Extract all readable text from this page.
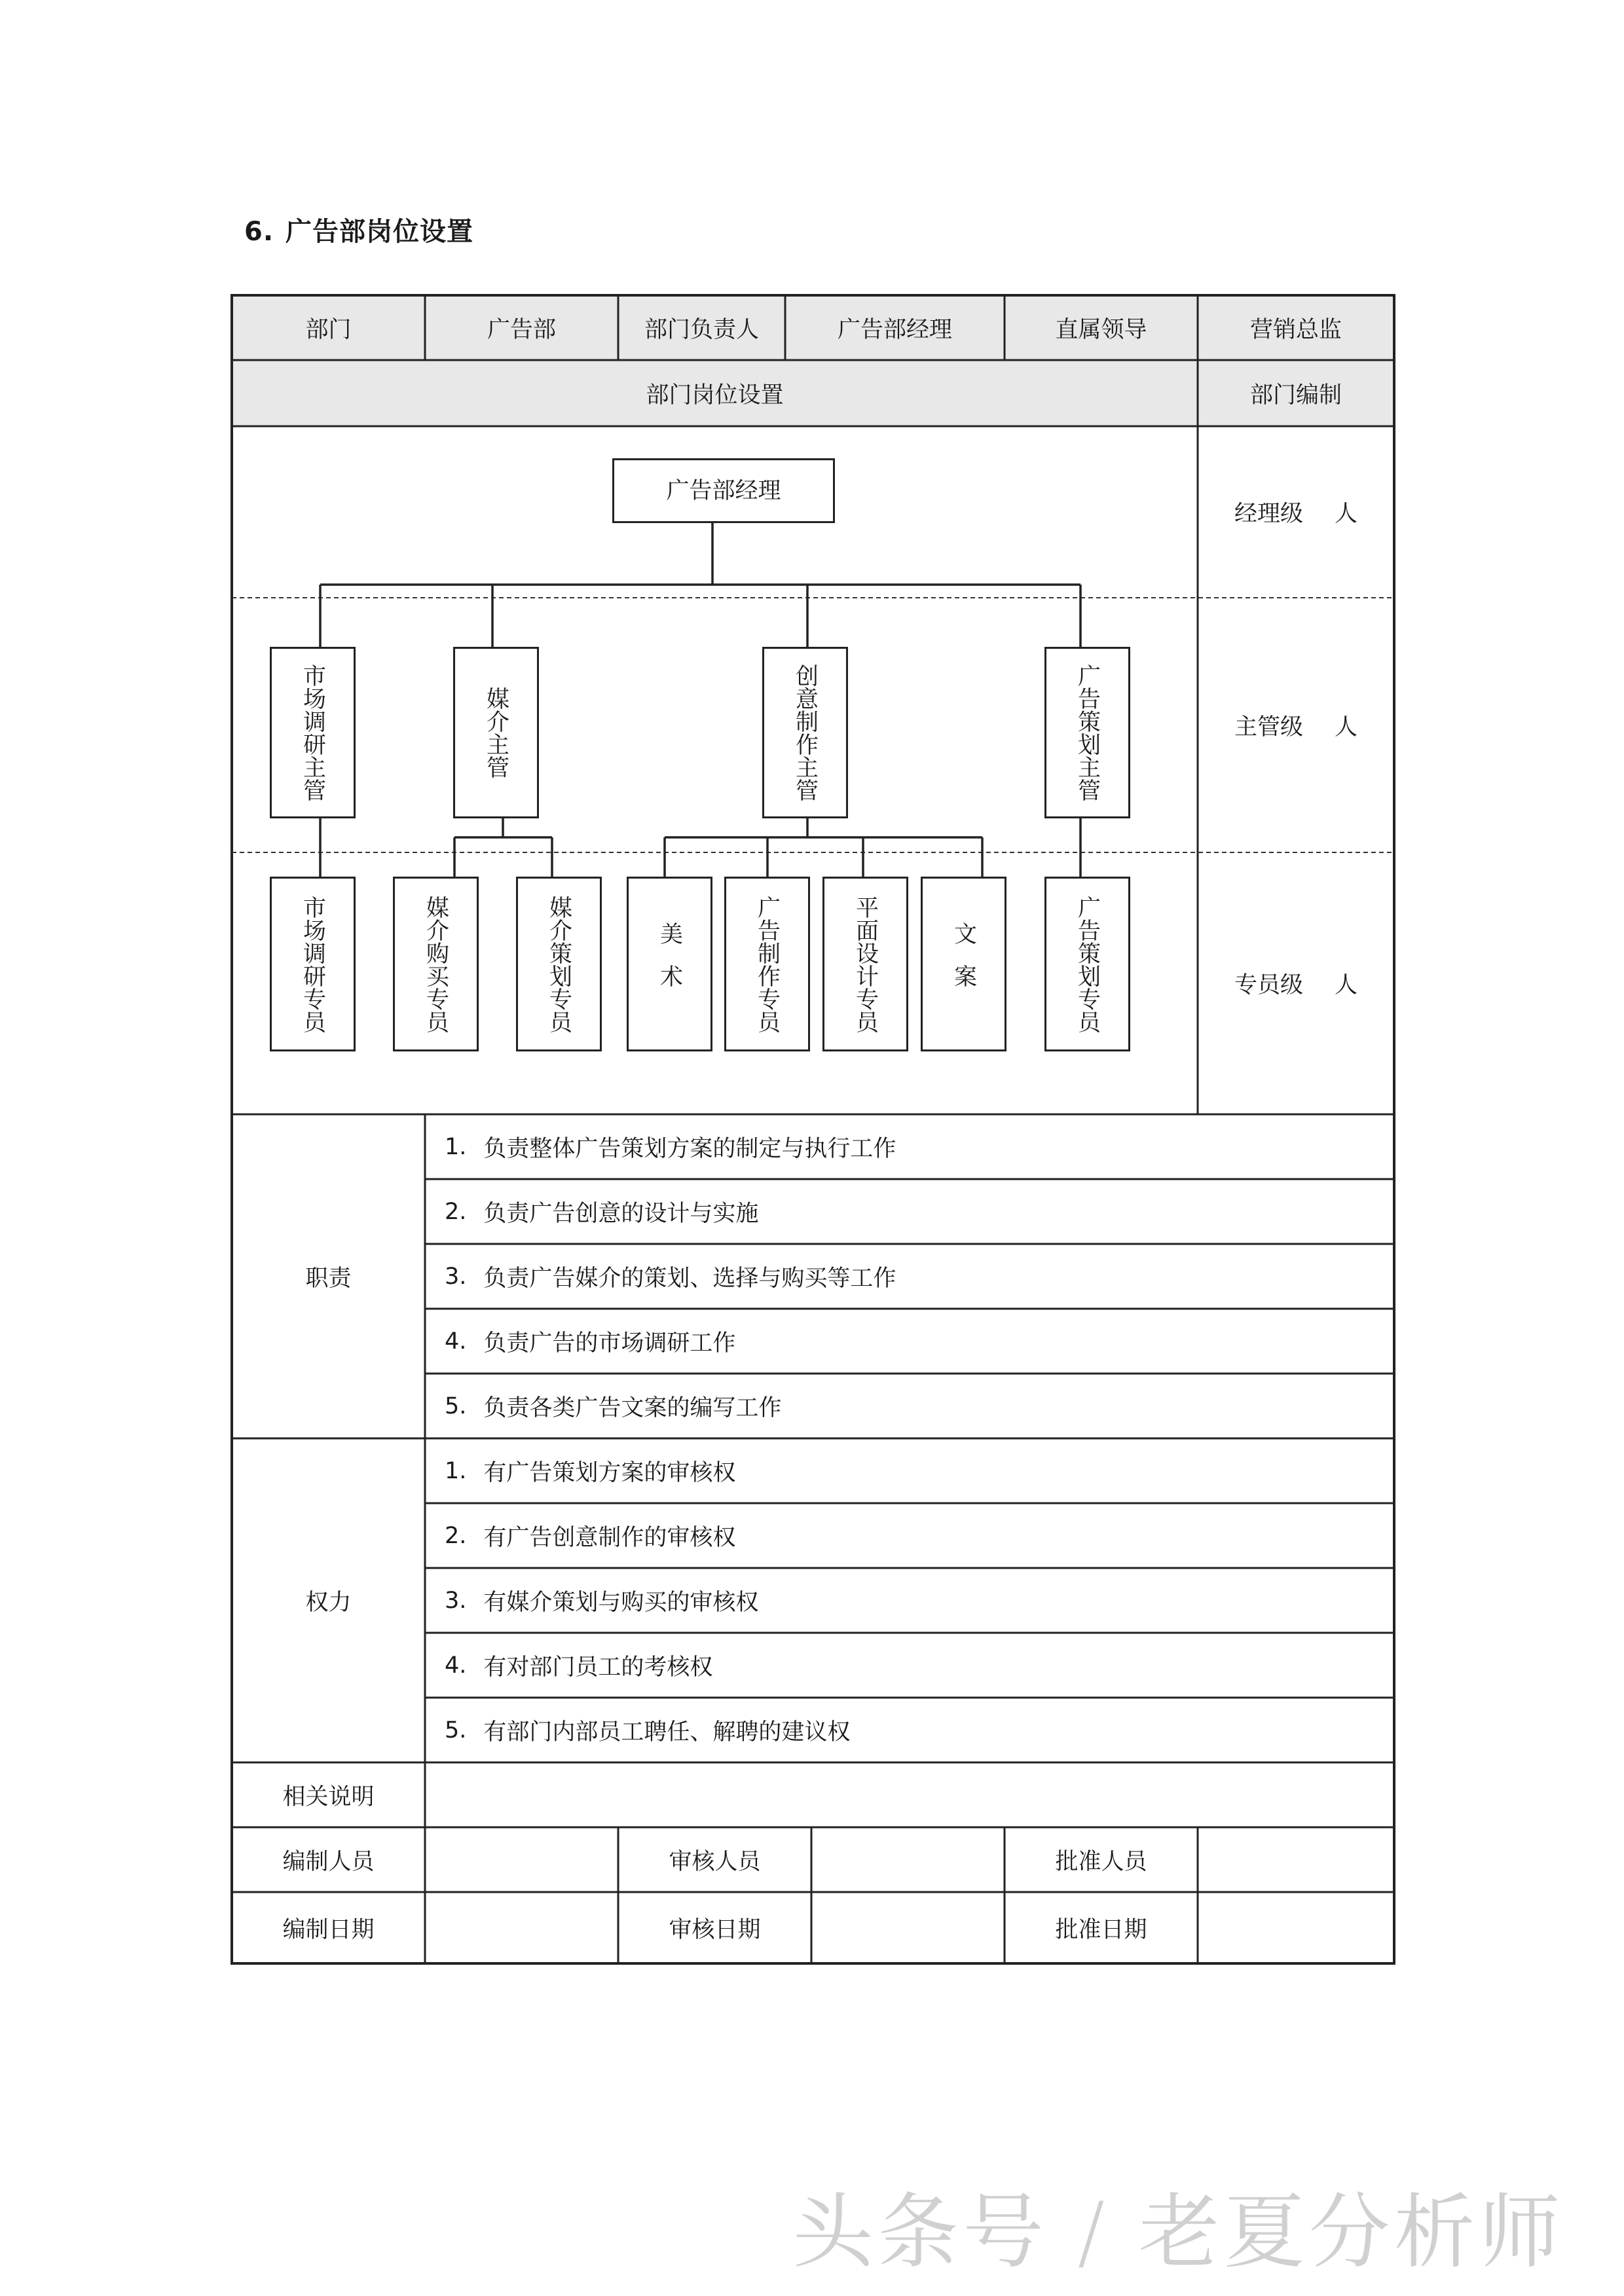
6. 广告部岗位设置
部门	广告部	部门负责人	广告部经理	直属领导	营销总监
部门岗位设置	部门编制
广告部经理
市场调研主管	媒介主管	创意制作主管	广告策划主管
市场调研专员	媒介购买专员	媒介策划专员	美术	广告制作专员	平面设计专员	文案	广告策划专员
经理级 人
主管级 人
专员级 人
职责
1. 负责整体广告策划方案的制定与执行工作
2. 负责广告创意的设计与实施
3. 负责广告媒介的策划、选择与购买等工作
4. 负责广告的市场调研工作
5. 负责各类广告文案的编写工作
权力
1. 有广告策划方案的审核权
2. 有广告创意制作的审核权
3. 有媒介策划与购买的审核权
4. 有对部门员工的考核权
5. 有部门内部员工聘任、解聘的建议权
相关说明
编制人员	审核人员	批准人员
编制日期	审核日期	批准日期
头条号 / 老夏分析师
